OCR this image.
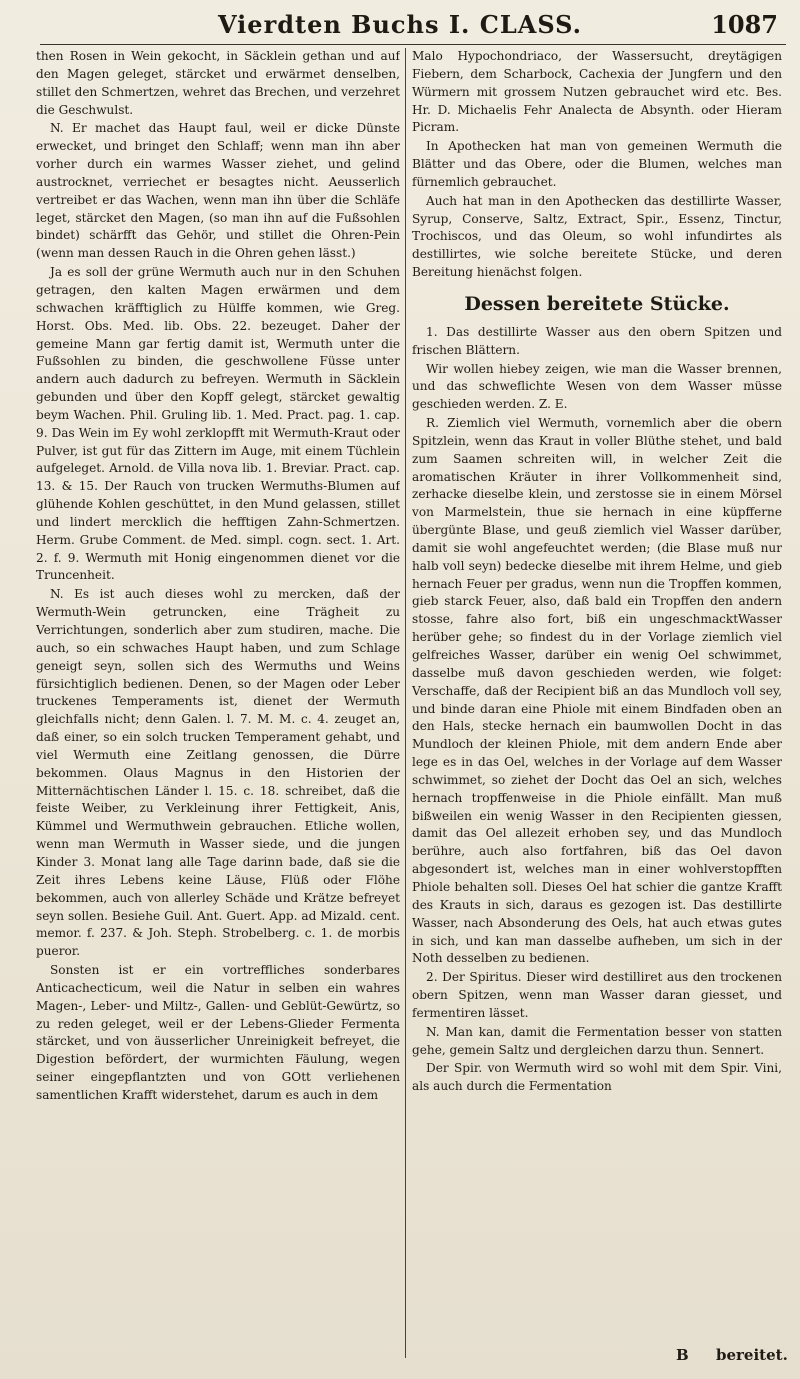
Vierdten Buchs I. CLASS.	1087

then Rosen in Wein gekocht, in Säcklein gethan und auf den Magen geleget, stärcket und erwärmet denselben, stillet den Schmertzen, wehret das Brechen, und verzehret die Geschwulst.

N. Er machet das Haupt faul, weil er dicke Dünste erwecket, und bringet den Schlaff; wenn man ihn aber vorher durch ein warmes Wasser ziehet, und gelind austrocknet, verriechet er besagtes nicht. Aeusserlich vertreibet er das Wachen, wenn man ihn über die Schläfe leget, stärcket den Magen, (so man ihn auf die Fußsohlen bindet) schärfft das Gehör, und stillet die Ohren-Pein (wenn man dessen Rauch in die Ohren gehen lässt.)

Ja es soll der grüne Wermuth auch nur in den Schuhen getragen, den kalten Magen erwärmen und dem schwachen kräfftiglich zu Hülffe kommen, wie Greg. Horst. Obs. Med. lib. Obs. 22. bezeuget. Daher der gemeine Mann gar fertig damit ist, Wermuth unter die Fußsohlen zu binden, die geschwollene Füsse unter andern auch dadurch zu befreyen. Wermuth in Säcklein gebunden und über den Kopff gelegt, stärcket gewaltig beym Wachen. Phil. Gruling lib. 1. Med. Pract. pag. 1. cap. 9. Das Wein im Ey wohl zerklopfft mit Wermuth-Kraut oder Pulver, ist gut für das Zittern im Auge, mit einem Tüchlein aufgeleget. Arnold. de Villa nova lib. 1. Breviar. Pract. cap. 13. & 15. Der Rauch von trucken Wermuths-Blumen auf glühende Kohlen geschüttet, in den Mund gelassen, stillet und lindert mercklich die hefftigen Zahn-Schmertzen. Herm. Grube Comment. de Med. simpl. cogn. sect. 1. Art. 2. f. 9. Wermuth mit Honig eingenommen dienet vor die Truncenheit.

N. Es ist auch dieses wohl zu mercken, daß der Wermuth-Wein getruncken, eine Trägheit zu Verrichtungen, sonderlich aber zum studiren, mache. Die auch, so ein schwaches Haupt haben, und zum Schlage geneigt seyn, sollen sich des Wermuths und Weins fürsichtiglich bedienen. Denen, so der Magen oder Leber truckenes Temperaments ist, dienet der Wermuth gleichfalls nicht; denn Galen. l. 7. M. M. c. 4. zeuget an, daß einer, so ein solch trucken Temperament gehabt, und viel Wermuth eine Zeitlang genossen, die Dürre bekommen. Olaus Magnus in den Historien der Mitternächtischen Länder l. 15. c. 18. schreibet, daß die feiste Weiber, zu Verkleinung ihrer Fettigkeit, Anis, Kümmel und Wermuthwein gebrauchen. Etliche wollen, wenn man Wermuth in Wasser siede, und die jungen Kinder 3. Monat lang alle Tage darinn bade, daß sie die Zeit ihres Lebens keine Läuse, Flüß oder Flöhe bekommen, auch von allerley Schäde und Krätze befreyet seyn sollen. Besiehe Guil. Ant. Guert. App. ad Mizald. cent. memor. f. 237. & Joh. Steph. Strobelberg. c. 1. de morbis pueror.

Sonsten ist er ein vortreffliches sonderbares Anticachecticum, weil die Natur in selben ein wahres Magen-, Leber- und Miltz-, Gallen- und Geblüt-Gewürtz, so zu reden geleget, weil er der Lebens-Glieder Fermenta stärcket, und von äusserlicher Unreinigkeit befreyet, die Digestion befördert, der wurmichten Fäulung, wegen seiner eingepflantzten und von GOtt verliehenen samentlichen Krafft widerstehet, darum es auch in dem

Malo Hypochondriaco, der Wassersucht, dreytägigen Fiebern, dem Scharbock, Cachexia der Jungfern und den Würmern mit grossem Nutzen gebrauchet wird etc. Bes. Hr. D. Michaelis Fehr Analecta de Absynth. oder Hieram Picram.

In Apothecken hat man von gemeinen Wermuth die Blätter und das Obere, oder die Blumen, welches man fürnemlich gebrauchet.

Auch hat man in den Apothecken das destillirte Wasser, Syrup, Conserve, Saltz, Extract, Spir., Essenz, Tinctur, Trochiscos, und das Oleum, so wohl infundirtes als destillirtes, wie solche bereitete Stücke, und deren Bereitung hienächst folgen.

Dessen bereitete Stücke.

1. Das destillirte Wasser aus den obern Spitzen und frischen Blättern.

Wir wollen hiebey zeigen, wie man die Wasser brennen, und das schweflichte Wesen von dem Wasser müsse geschieden werden. Z. E.

R. Ziemlich viel Wermuth, vornemlich aber die obern Spitzlein, wenn das Kraut in voller Blüthe stehet, und bald zum Saamen schreiten will, in welcher Zeit die aromatischen Kräuter in ihrer Vollkommenheit sind, zerhacke dieselbe klein, und zerstosse sie in einem Mörsel von Marmelstein, thue sie hernach in eine küpfferne übergünte Blase, und geuß ziemlich viel Wasser darüber, damit sie wohl angefeuchtet werden; (die Blase muß nur halb voll seyn) bedecke dieselbe mit ihrem Helme, und gieb hernach Feuer per gradus, wenn nun die Tropffen kommen, gieb starck Feuer, also, daß bald ein Tropffen den andern stosse, fahre also fort, biß ein ungeschmacktWasser herüber gehe; so findest du in der Vorlage ziemlich viel gelfreiches Wasser, darüber ein wenig Oel schwimmet, dasselbe muß davon geschieden werden, wie folget: Verschaffe, daß der Recipient biß an das Mundloch voll sey, und binde daran eine Phiole mit einem Bindfaden oben an den Hals, stecke hernach ein baumwollen Docht in das Mundloch der kleinen Phiole, mit dem andern Ende aber lege es in das Oel, welches in der Vorlage auf dem Wasser schwimmet, so ziehet der Docht das Oel an sich, welches hernach tropffenweise in die Phiole einfällt. Man muß bißweilen ein wenig Wasser in den Recipienten giessen, damit das Oel allezeit erhoben sey, und das Mundloch berühre, auch also fortfahren, biß das Oel davon abgesondert ist, welches man in einer wohlverstopfften Phiole behalten soll. Dieses Oel hat schier die gantze Krafft des Krauts in sich, daraus es gezogen ist. Das destillirte Wasser, nach Absonderung des Oels, hat auch etwas gutes in sich, und kan man dasselbe aufheben, um sich in der Noth desselben zu bedienen.

2. Der Spiritus. Dieser wird destilliret aus den trockenen obern Spitzen, wenn man Wasser daran giesset, und fermentiren lässet.

N. Man kan, damit die Fermentation besser von statten gehe, gemein Saltz und dergleichen darzu thun. Sennert.

Der Spir. von Wermuth wird so wohl mit dem Spir. Vini, als auch durch die Fermentation

B bereitet.
